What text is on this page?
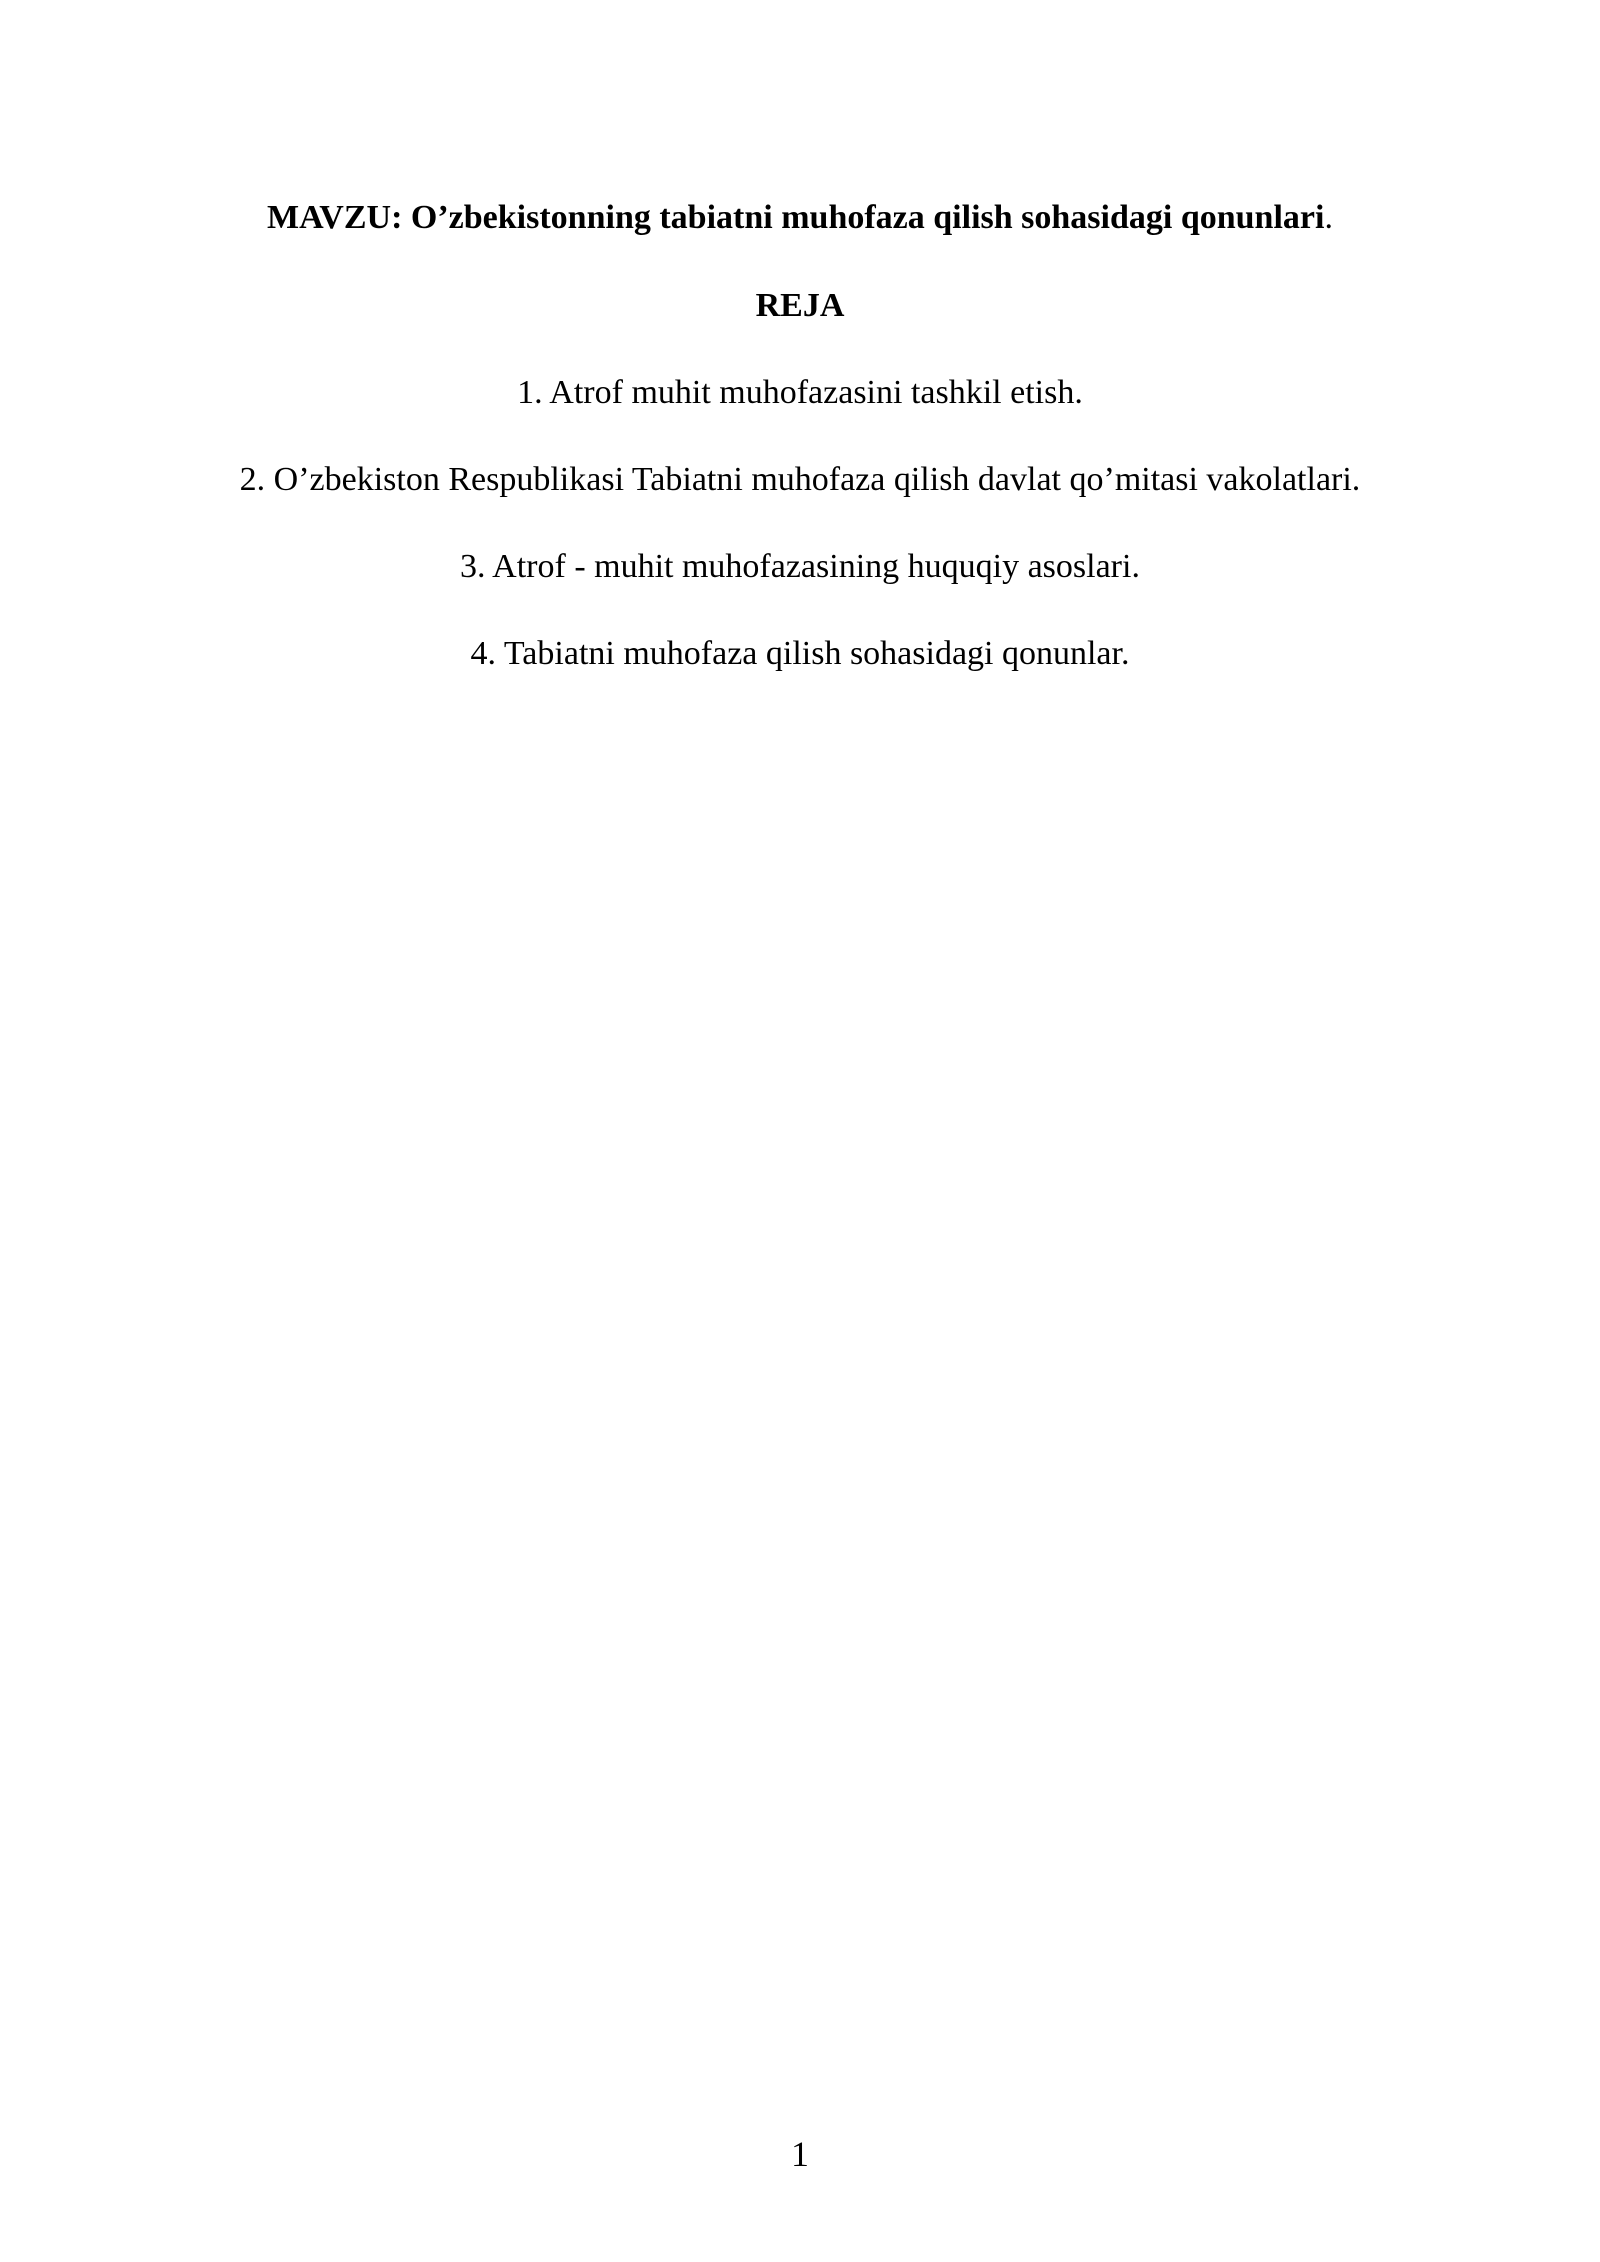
MAVZU: O’zbekistonning tabiatni muhofaza qilish sohasidagi qonunlari.
REJA
1. Atrof muhit muhofazasini tashkil etish.
2. O’zbekiston Respublikasi Tabiatni muhofaza qilish davlat qo’mitasi vakolatlari.
3. Atrof - muhit muhofazasining huquqiy asoslari.
4. Tabiatni muhofaza qilish sohasidagi qonunlar.
1
